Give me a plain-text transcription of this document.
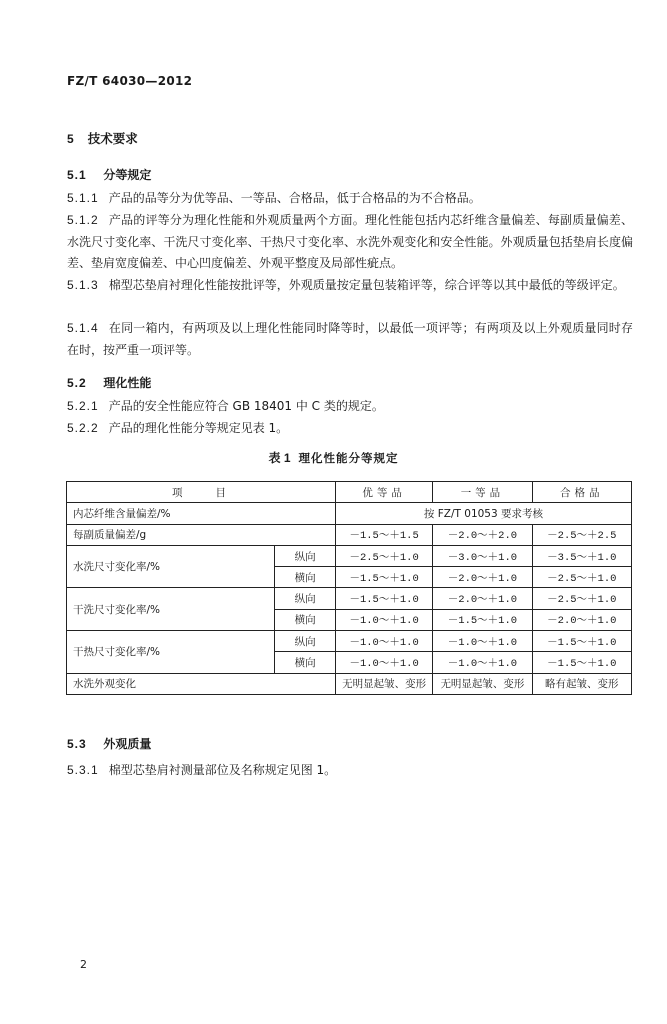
FZ/T 64030—2012
5 技术要求
5.1 分等规定
5.1.1 产品的品等分为优等品、一等品、合格品，低于合格品的为不合格品。
5.1.2 产品的评等分为理化性能和外观质量两个方面。理化性能包括内芯纤维含量偏差、每副质量偏差、水洗尺寸变化率、干洗尺寸变化率、干热尺寸变化率、水洗外观变化和安全性能。外观质量包括垫肩长度偏差、垫肩宽度偏差、中心凹度偏差、外观平整度及局部性疵点。
5.1.3 棉型芯垫肩衬理化性能按批评等，外观质量按定量包装箱评等，综合评等以其中最低的等级评定。
5.1.4 在同一箱内，有两项及以上理化性能同时降等时，以最低一项评等；有两项及以上外观质量同时存在时，按严重一项评等。
5.2 理化性能
5.2.1 产品的安全性能应符合 GB 18401 中 C 类的规定。
5.2.2 产品的理化性能分等规定见表 1。
表 1 理化性能分等规定
项　　目		优等品	一等品	合格品
内芯纤维含量偏差/%		按 FZ/T 01053 要求考核		
每副质量偏差/g		－1.5～＋1.5	－2.0～＋2.0	－2.5～＋2.5
水洗尺寸变化率/%	纵向	－2.5～＋1.0	－3.0～＋1.0	－3.5～＋1.0
	横向	－1.5～＋1.0	－2.0～＋1.0	－2.5～＋1.0
干洗尺寸变化率/%	纵向	－1.5～＋1.0	－2.0～＋1.0	－2.5～＋1.0
	横向	－1.0～＋1.0	－1.5～＋1.0	－2.0～＋1.0
干热尺寸变化率/%	纵向	－1.0～＋1.0	－1.0～＋1.0	－1.5～＋1.0
	横向	－1.0～＋1.0	－1.0～＋1.0	－1.5～＋1.0
水洗外观变化		无明显起皱、变形	无明显起皱、变形	略有起皱、变形
5.3 外观质量
5.3.1 棉型芯垫肩衬测量部位及名称规定见图 1。
2
